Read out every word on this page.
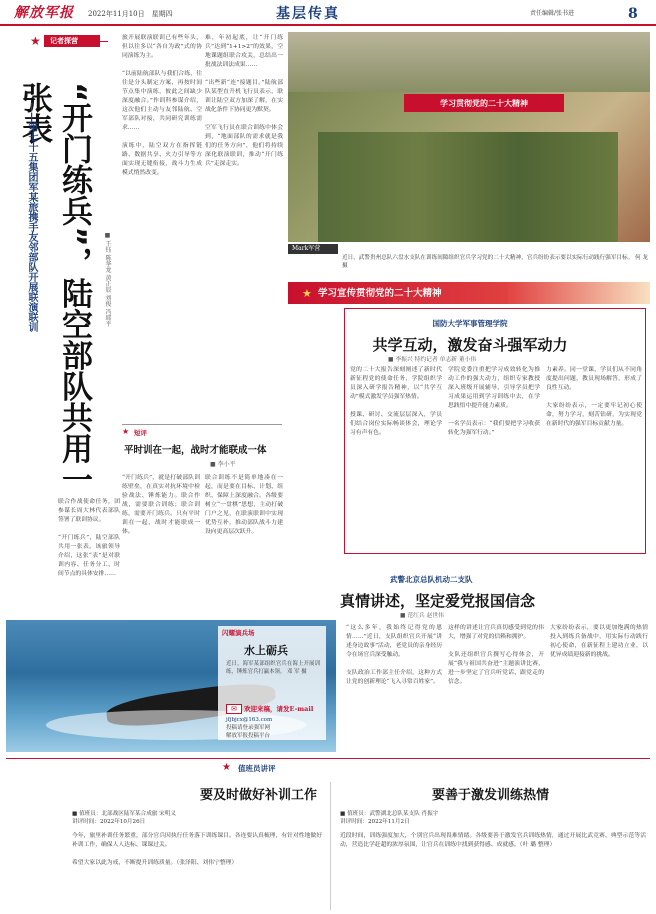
解放军报 2022年11月10日　星期四	基层传真	责任编辑/张书进	8
★	记者探营
“开门练兵”，陆空部队共用一张表
——第七十五集团军某旅携手友邻部队开展联演联训	■ 王钰 陈华龙 黄正辰 刘俊 冯耶平
联合作战使命任务，团参谋长周大林代表部队签署了联训协议。

“开门练兵”，陆空部队共用一张表。该旅领导介绍，这张“表”是对联训内容、任务分工、时间节点的具体安排……
旅开展联演联训已有些年头，但以往多以“各自为政”式的协同演练为主。

“以前陆航部队与我们合练，往往是分头制定方案，再按时间节点集中演练，彼此之间缺少深度融合。”作训科参谋介绍，这次他们主动与友邻陆航、空军部队对接，共同研究训练需求……

演练中，陆空双方在指挥链路、数据共享、火力引导等方面实现无缝衔接，战斗力生成模式悄然改变。
难，年初起底，让“开门练兵”达到“1+1>2”的效果，空地课题组联合攻关，总结出一批战法训法成果……

“出些新“连”接题目。”陆航部队某型直升机飞行员表示，联训让陆空双方加深了解，在实战化条件下协同更为默契。

空军飞行员在联合训练中体会到，“地面部队的需求就是我们的任务方向”，他们将持续深化联演联训，推动“开门练兵”走深走实。
★ 短评
平时训在一起，战时才能联成一体
■ 李小平
“开门练兵”，就是打破部队训练壁垒，在真实对抗环境中检验战法、锤炼能力。联合作战，需要联合训练；联合训练，需要开门练兵。只有平时训在一起，战时才能联成一体。
联合训练不是简单地凑在一起，而是要在目标、计划、组织、保障上深度融合。各级要树立“一盘棋”思想，主动打破门户之见，在联演联训中实现优势互补，推动部队战斗力建设向更高层次跃升。
学习贯彻党的二十大精神
Mark军营
近日，武警贵州总队六盘水支队在训练间隙组织官兵学习党的二十大精神，官兵纷纷表示要以实际行动践行强军目标。 何 龙 摄
★ 学习宣传贯彻党的二十大精神
国防大学军事管理学院
共学互动，激发奋斗强军动力
■ 李振兴 特约记者 单志新 董小伟
党的二十大报告深刻阐述了新时代新征程党的使命任务，学院组织学员深入研学报告精神，以“共学互动”模式激发学员强军热情。

授课、研讨、交流层层深入，学员们结合岗位实际畅谈体会，理论学习有声有色。
学院党委注重把学习成效转化为推动工作的强大动力，组织专家教授深入班级开展辅导，引导学员把学习成果运用到学习训练中去，在学思践悟中提升能力素质。

一名学员表示：“我们要把学习收获转化为强军行动。”
力素养。同一堂课，学员们从不同角度提出问题，教员现场解答，形成了良性互动。

大家纷纷表示，一定要牢记初心使命，努力学习，刻苦钻研，为实现党在新时代的强军目标贡献力量。
武警北京总队机动二支队
真情讲述，坚定爱党报国信念
■ 范红兵 赵世伟
“这么多年，我始终记得党的恩情……”近日，支队组织官兵开展“讲述身边故事”活动，老党员的亲身经历令在场官兵深受触动。

支队政治工作部主任介绍，这种方式让党的创新理论“飞入寻常百姓家”。
这样的讲述让官兵真切感受到党的伟大，增强了对党的信赖和拥护。

支队还组织官兵撰写心得体会，开展“我与祖国共奋进”主题演讲比赛，进一步坚定了官兵听党话、跟党走的信念。
大家纷纷表示，要以更加饱满的热情投入到练兵备战中，用实际行动践行初心使命，在新征程上建功立业，以优异成绩迎接新的挑战。
闪耀演兵场
水上砺兵
近日，海军某部组织官兵在海上开展训练，锤炼官兵打赢本领。 邓 军 摄
✉	欢迎来稿，请发E-mail
jfjbjcx@163.com
投稿请登录强军网
解放军报投稿平台
★ 值班员讲评
要及时做好补训工作
■ 值班员：北部战区陆军某合成旅 宋明义
讲评时间：2022年10月26日
今年，旅里补训任务繁重，部分官兵因执行任务落下训练课目。各连要认真梳理，有针对性地做好补训工作，确保人人达标、课课过关。

希望大家以此为戒，不断提升训练质量。（张泽阳、刘伟宁整理）
要善于激发训练热情
■ 值班员：武警湖北总队某支队 肖振宇
讲评时间：2022年11月2日
近段时间，训练强度加大，个别官兵出现畏难情绪。各级要善于激发官兵训练热情，通过开展比武竞赛、典型示范等活动，营造比学赶超的浓厚氛围，让官兵在训练中找到获得感、成就感。（叶 璐 整理）
